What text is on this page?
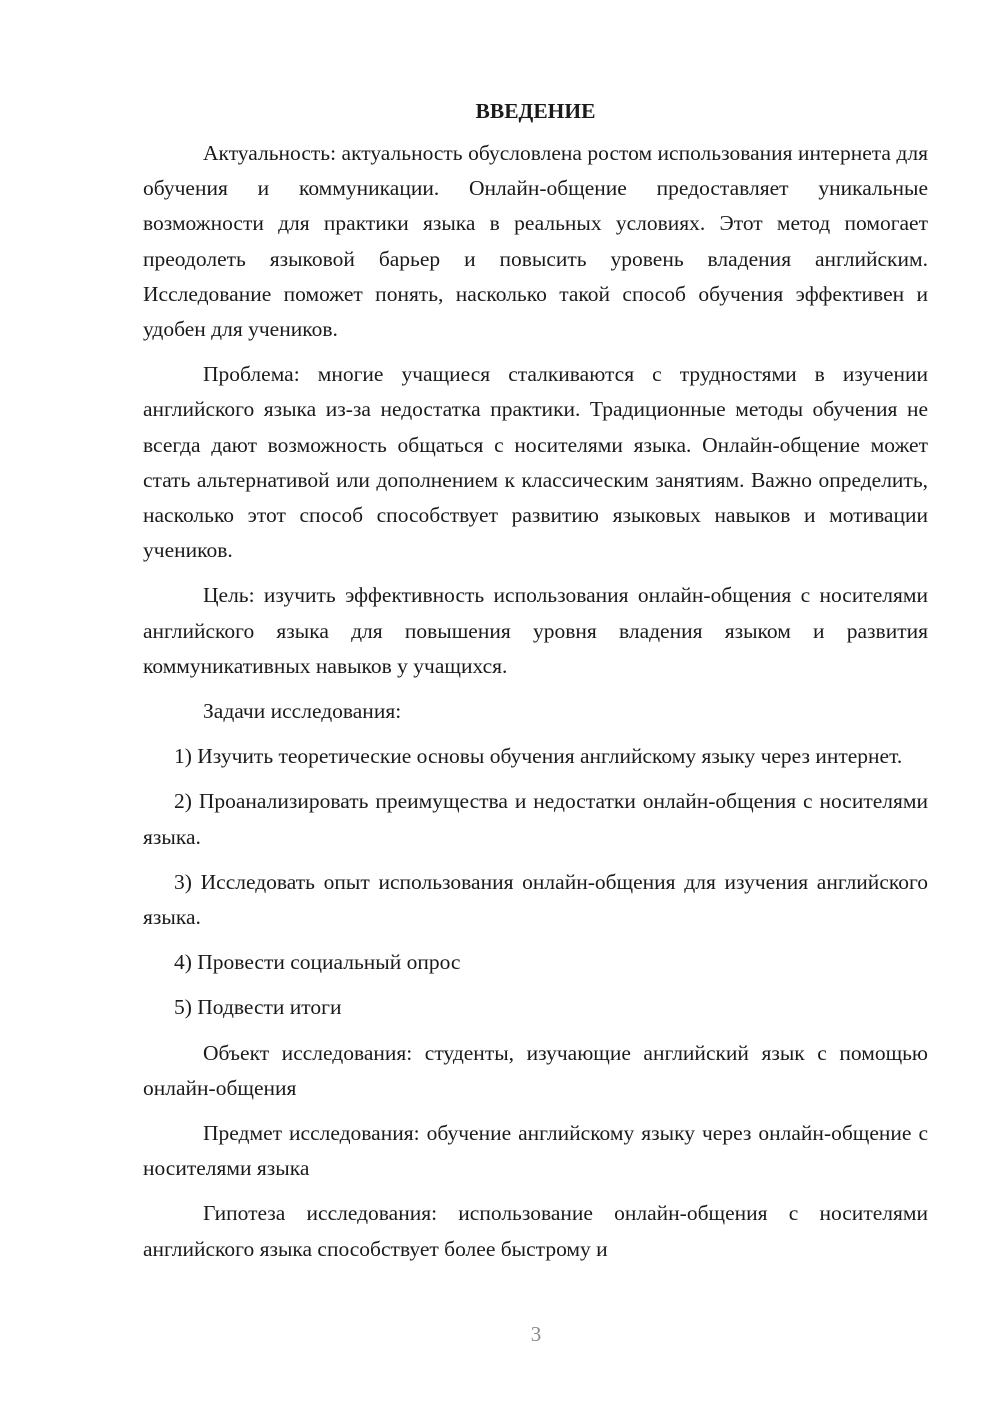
ВВЕДЕНИЕ

Актуальность: актуальность обусловлена ростом использования интернета для обучения и коммуникации. Онлайн-общение предоставляет уникальные возможности для практики языка в реальных условиях. Этот метод помогает преодолеть языковой барьер и повысить уровень владения английским. Исследование поможет понять, насколько такой способ обучения эффективен и удобен для учеников.

Проблема: многие учащиеся сталкиваются с трудностями в изучении английского языка из-за недостатка практики. Традиционные методы обучения не всегда дают возможность общаться с носителями языка. Онлайн-общение может стать альтернативой или дополнением к классическим занятиям. Важно определить, насколько этот способ способствует развитию языковых навыков и мотивации учеников.

Цель: изучить эффективность использования онлайн-общения с носителями английского языка для повышения уровня владения языком и развития коммуникативных навыков у учащихся.

Задачи исследования:

1) Изучить теоретические основы обучения английскому языку через интернет.

2) Проанализировать преимущества и недостатки онлайн-общения с носителями языка.

3) Исследовать опыт использования онлайн-общения для изучения английского языка.

4) Провести социальный опрос

5) Подвести итоги

Объект исследования: студенты, изучающие английский язык с помощью онлайн-общения

Предмет исследования: обучение английскому языку через онлайн-общение с носителями языка

Гипотеза исследования: использование онлайн-общения с носителями английского языка способствует более быстрому и

3
